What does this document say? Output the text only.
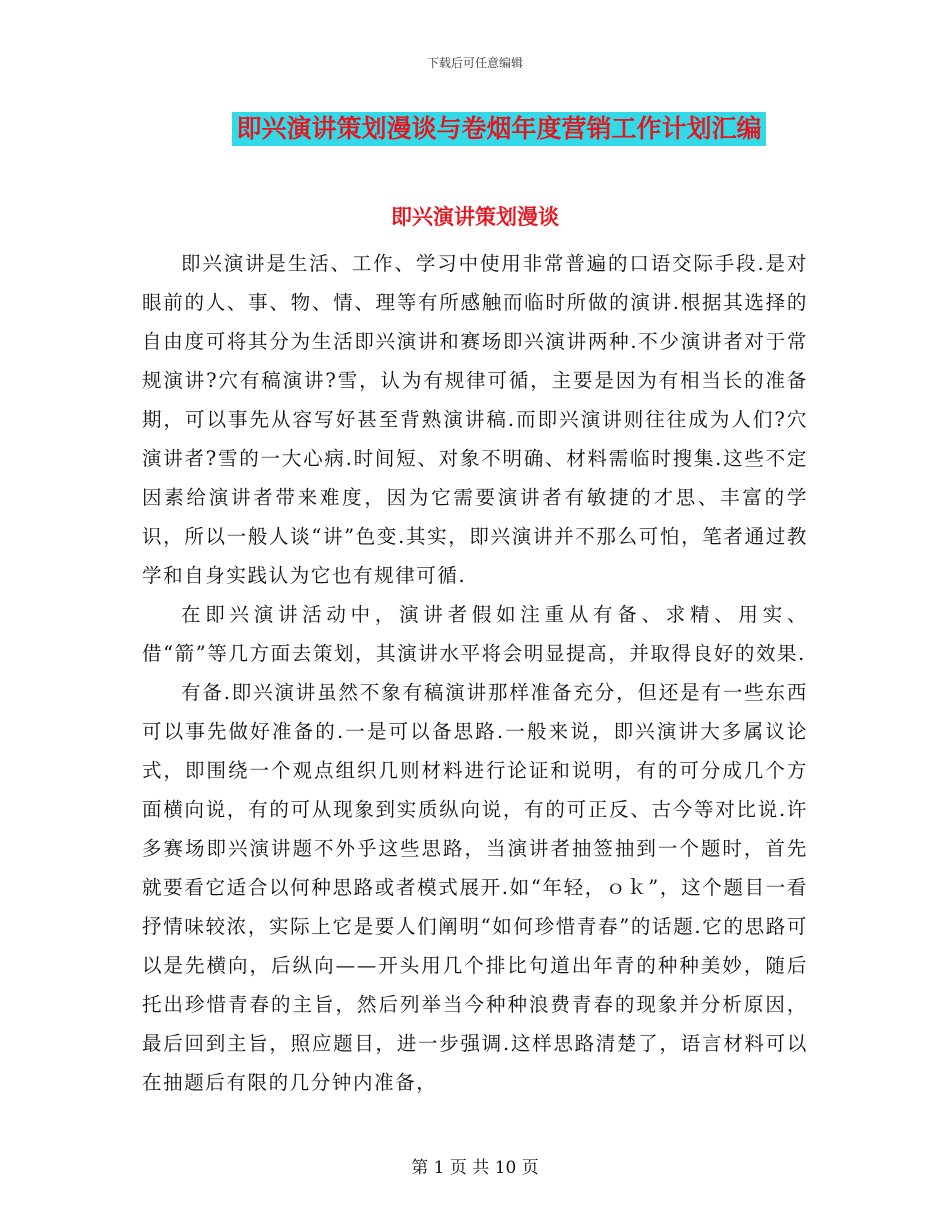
下载后可任意编辑
即兴演讲策划漫谈与卷烟年度营销工作计划汇编
即兴演讲策划漫谈

即兴演讲是生活、工作、学习中使用非常普遍的口语交际手段.是对眼前的人、事、物、情、理等有所感触而临时所做的演讲.根据其选择的自由度可将其分为生活即兴演讲和赛场即兴演讲两种.不少演讲者对于常规演讲?穴有稿演讲?雪，认为有规律可循，主要是因为有相当长的准备期，可以事先从容写好甚至背熟演讲稿.而即兴演讲则往往成为人们?穴演讲者?雪的一大心病.时间短、对象不明确、材料需临时搜集.这些不定因素给演讲者带来难度，因为它需要演讲者有敏捷的才思、丰富的学识，所以一般人谈“讲”色变.其实，即兴演讲并不那么可怕，笔者通过教学和自身实践认为它也有规律可循.

在即兴演讲活动中，演讲者假如注重从有备、求精、用实、借“箭”等几方面去策划，其演讲水平将会明显提高，并取得良好的效果.

有备.即兴演讲虽然不象有稿演讲那样准备充分，但还是有一些东西可以事先做好准备的.一是可以备思路.一般来说，即兴演讲大多属议论式，即围绕一个观点组织几则材料进行论证和说明，有的可分成几个方面横向说，有的可从现象到实质纵向说，有的可正反、古今等对比说.许多赛场即兴演讲题不外乎这些思路，当演讲者抽签抽到一个题时，首先就要看它适合以何种思路或者模式展开.如“年轻，ｏｋ”，这个题目一看抒情味较浓，实际上它是要人们阐明“如何珍惜青春”的话题.它的思路可以是先横向，后纵向——开头用几个排比句道出年青的种种美妙，随后托出珍惜青春的主旨，然后列举当今种种浪费青春的现象并分析原因，最后回到主旨，照应题目，进一步强调.这样思路清楚了，语言材料可以在抽题后有限的几分钟内准备，

第 1 页 共 10 页
